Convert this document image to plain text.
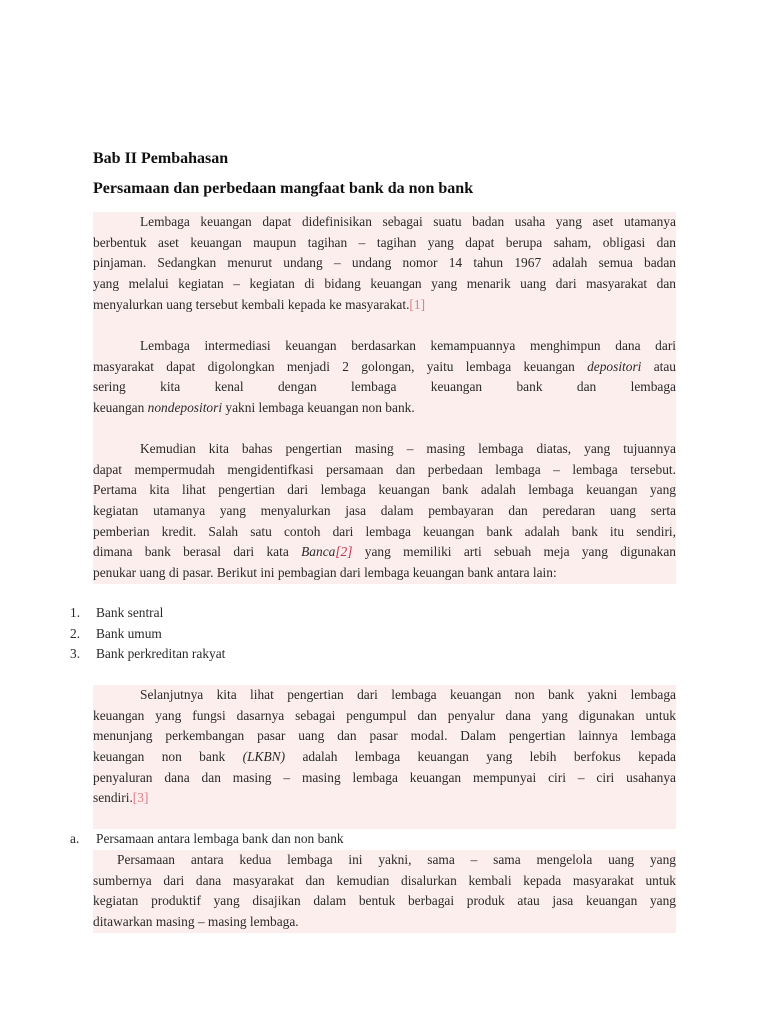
Bab II Pembahasan
Persamaan dan perbedaan mangfaat bank da non bank
Lembaga keuangan dapat didefinisikan sebagai suatu badan usaha yang aset utamanya
berbentuk aset keuangan maupun tagihan – tagihan yang dapat berupa saham, obligasi dan
pinjaman. Sedangkan menurut undang – undang nomor 14 tahun 1967 adalah semua badan
yang melalui kegiatan – kegiatan di bidang keuangan yang menarik uang dari masyarakat dan
menyalurkan uang tersebut kembali kepada ke masyarakat.[1]
Lembaga intermediasi keuangan berdasarkan kemampuannya menghimpun dana dari
masyarakat dapat digolongkan menjadi 2 golongan, yaitu lembaga keuangan depositori atau
sering kita kenal dengan lembaga keuangan bank dan lembaga
keuangan nondepositori yakni lembaga keuangan non bank.
Kemudian kita bahas pengertian masing – masing lembaga diatas, yang tujuannya
dapat mempermudah mengidentifkasi persamaan dan perbedaan lembaga – lembaga tersebut.
Pertama kita lihat pengertian dari lembaga keuangan bank adalah lembaga keuangan yang
kegiatan utamanya yang menyalurkan jasa dalam pembayaran dan peredaran uang serta
pemberian kredit. Salah satu contoh dari lembaga keuangan bank adalah bank itu sendiri,
dimana bank berasal dari kata Banca[2] yang memiliki arti sebuah meja yang digunakan
penukar uang di pasar. Berikut ini pembagian dari lembaga keuangan bank antara lain:
1.	Bank sentral
2.	Bank umum
3.	Bank perkreditan rakyat
Selanjutnya kita lihat pengertian dari lembaga keuangan non bank yakni lembaga
keuangan yang fungsi dasarnya sebagai pengumpul dan penyalur dana yang digunakan untuk
menunjang perkembangan pasar uang dan pasar modal. Dalam pengertian lainnya lembaga
keuangan non bank (LKBN) adalah lembaga keuangan yang lebih berfokus kepada
penyaluran dana dan masing – masing lembaga keuangan mempunyai ciri – ciri usahanya
sendiri.[3]
a.	Persamaan antara lembaga bank dan non bank
Persamaan antara kedua lembaga ini yakni, sama – sama mengelola uang yang
sumbernya dari dana masyarakat dan kemudian disalurkan kembali kepada masyarakat untuk
kegiatan produktif yang disajikan dalam bentuk berbagai produk atau jasa keuangan yang
ditawarkan masing – masing lembaga.
